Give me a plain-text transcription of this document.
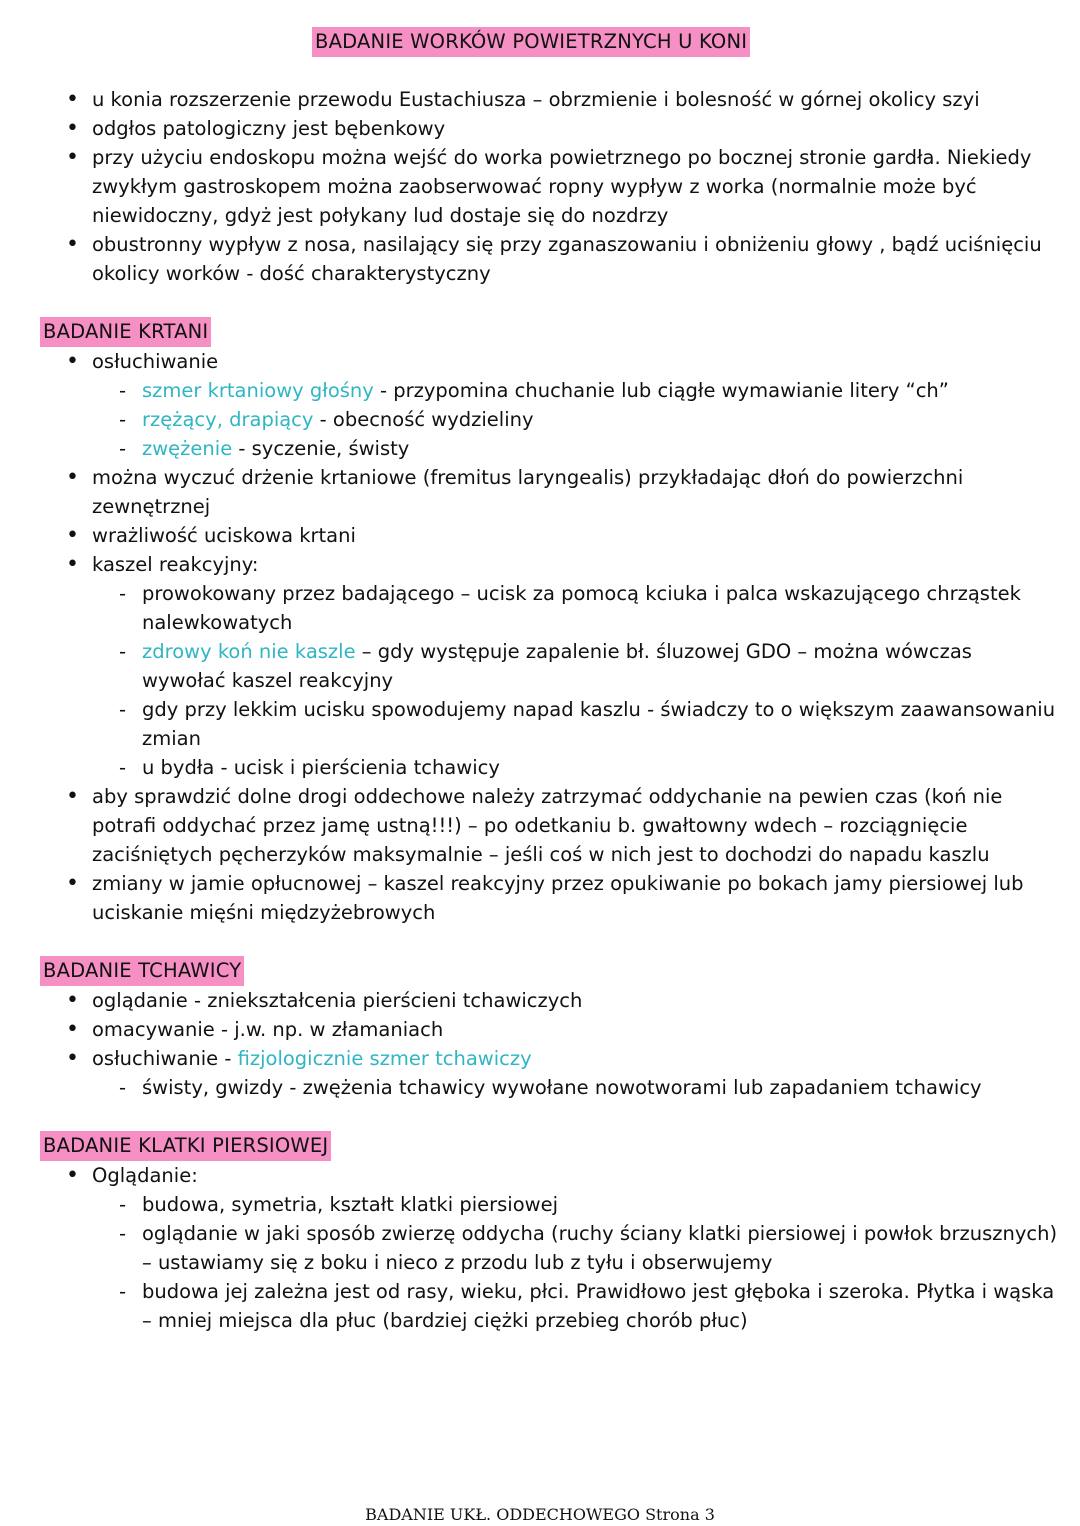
BADANIE WORKÓW POWIETRZNYCH U KONI
• u konia rozszerzenie przewodu Eustachiusza – obrzmienie i bolesność w górnej okolicy szyi
• odgłos patologiczny jest bębenkowy
• przy użyciu endoskopu można wejść do worka powietrznego po bocznej stronie gardła. Niekiedy zwykłym gastroskopem można zaobserwować ropny wypływ z worka (normalnie może być niewidoczny, gdyż jest połykany lud dostaje się do nozdrzy
• obustronny wypływ z nosa, nasilający się przy zganaszowaniu i obniżeniu głowy , bądź uciśnięciu okolicy worków - dość charakterystyczny
BADANIE KRTANI
• osłuchiwanie
- szmer krtaniowy głośny - przypomina chuchanie lub ciągłe wymawianie litery “ch”
- rzężący, drapiący - obecność wydzieliny
- zwężenie - syczenie, świsty
• można wyczuć drżenie krtaniowe (fremitus laryngealis) przykładając dłoń do powierzchni zewnętrznej
• wrażliwość uciskowa krtani
• kaszel reakcyjny:
- prowokowany przez badającego – ucisk za pomocą kciuka i palca wskazującego chrząstek nalewkowatych
- zdrowy koń nie kaszle – gdy występuje zapalenie bł. śluzowej GDO – można wówczas wywołać kaszel reakcyjny
- gdy przy lekkim ucisku spowodujemy napad kaszlu - świadczy to o większym zaawansowaniu zmian
- u bydła - ucisk i pierścienia tchawicy
• aby sprawdzić dolne drogi oddechowe należy zatrzymać oddychanie na pewien czas (koń nie potrafi oddychać przez jamę ustną!!!) – po odetkaniu b. gwałtowny wdech – rozciągnięcie zaciśniętych pęcherzyków maksymalnie – jeśli coś w nich jest to dochodzi do napadu kaszlu
• zmiany w jamie opłucnowej – kaszel reakcyjny przez opukiwanie po bokach jamy piersiowej lub uciskanie mięśni międzyżebrowych
BADANIE TCHAWICY
• oglądanie - zniekształcenia pierścieni tchawiczych
• omacywanie - j.w. np. w złamaniach
• osłuchiwanie - fizjologicznie szmer tchawiczy
- świsty, gwizdy - zwężenia tchawicy wywołane nowotworami lub zapadaniem tchawicy
BADANIE KLATKI PIERSIOWEJ
• Oglądanie:
- budowa, symetria, kształt klatki piersiowej
- oglądanie w jaki sposób zwierzę oddycha (ruchy ściany klatki piersiowej i powłok brzusznych) – ustawiamy się z boku i nieco z przodu lub z tyłu i obserwujemy
- budowa jej zależna jest od rasy, wieku, płci. Prawidłowo jest głęboka i szeroka. Płytka i wąska – mniej miejsca dla płuc (bardziej ciężki przebieg chorób płuc)
BADANIE UKŁ. ODDECHOWEGO Strona 3
